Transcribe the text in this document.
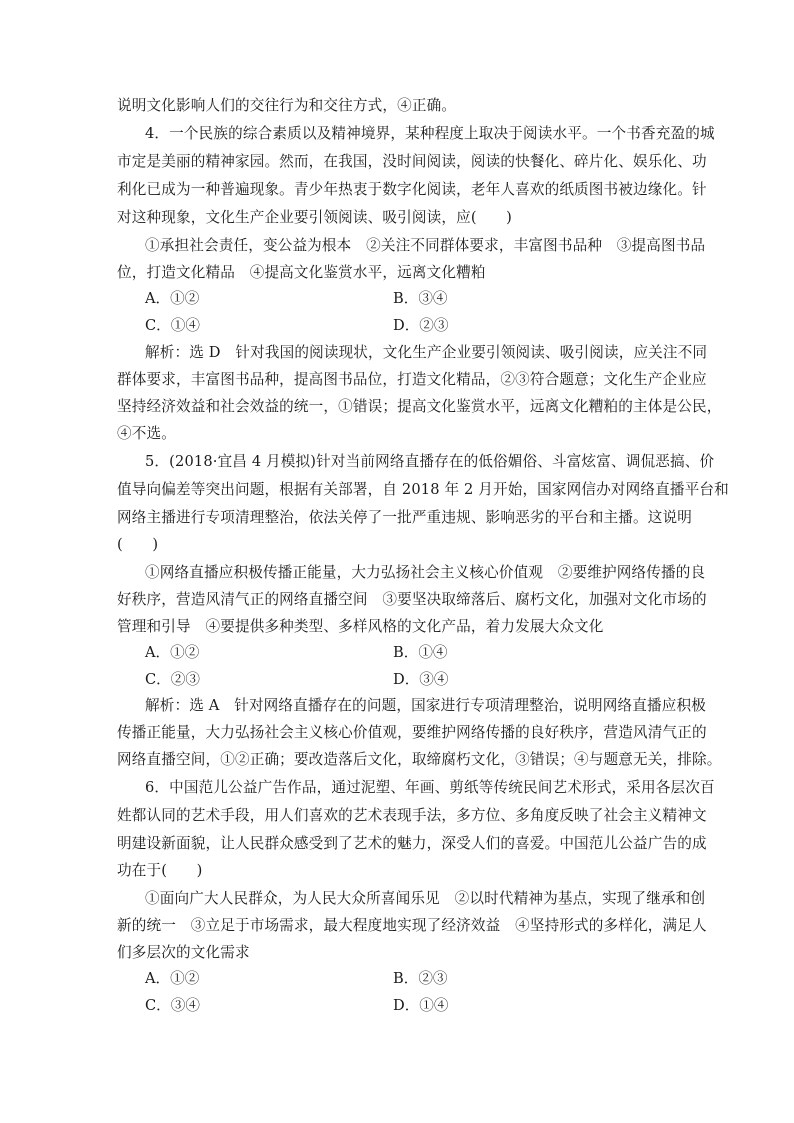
说明文化影响人们的交往行为和交往方式，④正确。
4．一个民族的综合素质以及精神境界，某种程度上取决于阅读水平。一个书香充盈的城
市定是美丽的精神家园。然而，在我国，没时间阅读，阅读的快餐化、碎片化、娱乐化、功
利化已成为一种普遍现象。青少年热衷于数字化阅读，老年人喜欢的纸质图书被边缘化。针
对这种现象，文化生产企业要引领阅读、吸引阅读，应(　　)
①承担社会责任，变公益为根本　②关注不同群体要求，丰富图书品种　③提高图书品
位，打造文化精品　④提高文化鉴赏水平，远离文化糟粕
A．①②	B．③④
C．①④	D．②③
解析：选 D　针对我国的阅读现状，文化生产企业要引领阅读、吸引阅读，应关注不同
群体要求，丰富图书品种，提高图书品位，打造文化精品，②③符合题意；文化生产企业应
坚持经济效益和社会效益的统一，①错误；提高文化鉴赏水平，远离文化糟粕的主体是公民，
④不选。
5．(2018·宜昌 4 月模拟)针对当前网络直播存在的低俗媚俗、斗富炫富、调侃恶搞、价
值导向偏差等突出问题，根据有关部署，自 2018 年 2 月开始，国家网信办对网络直播平台和
网络主播进行专项清理整治，依法关停了一批严重违规、影响恶劣的平台和主播。这说明
(　　)
①网络直播应积极传播正能量，大力弘扬社会主义核心价值观　②要维护网络传播的良
好秩序，营造风清气正的网络直播空间　③要坚决取缔落后、腐朽文化，加强对文化市场的
管理和引导　④要提供多种类型、多样风格的文化产品，着力发展大众文化
A．①②	B．①④
C．②③	D．③④
解析：选 A　针对网络直播存在的问题，国家进行专项清理整治，说明网络直播应积极
传播正能量，大力弘扬社会主义核心价值观，要维护网络传播的良好秩序，营造风清气正的
网络直播空间，①②正确；要改造落后文化，取缔腐朽文化，③错误；④与题意无关，排除。
6．中国范儿公益广告作品，通过泥塑、年画、剪纸等传统民间艺术形式，采用各层次百
姓都认同的艺术手段，用人们喜欢的艺术表现手法，多方位、多角度反映了社会主义精神文
明建设新面貌，让人民群众感受到了艺术的魅力，深受人们的喜爱。中国范儿公益广告的成
功在于(　　)
①面向广大人民群众，为人民大众所喜闻乐见　②以时代精神为基点，实现了继承和创
新的统一　③立足于市场需求，最大程度地实现了经济效益　④坚持形式的多样化，满足人
们多层次的文化需求
A．①②	B．②③
C．③④	D．①④
